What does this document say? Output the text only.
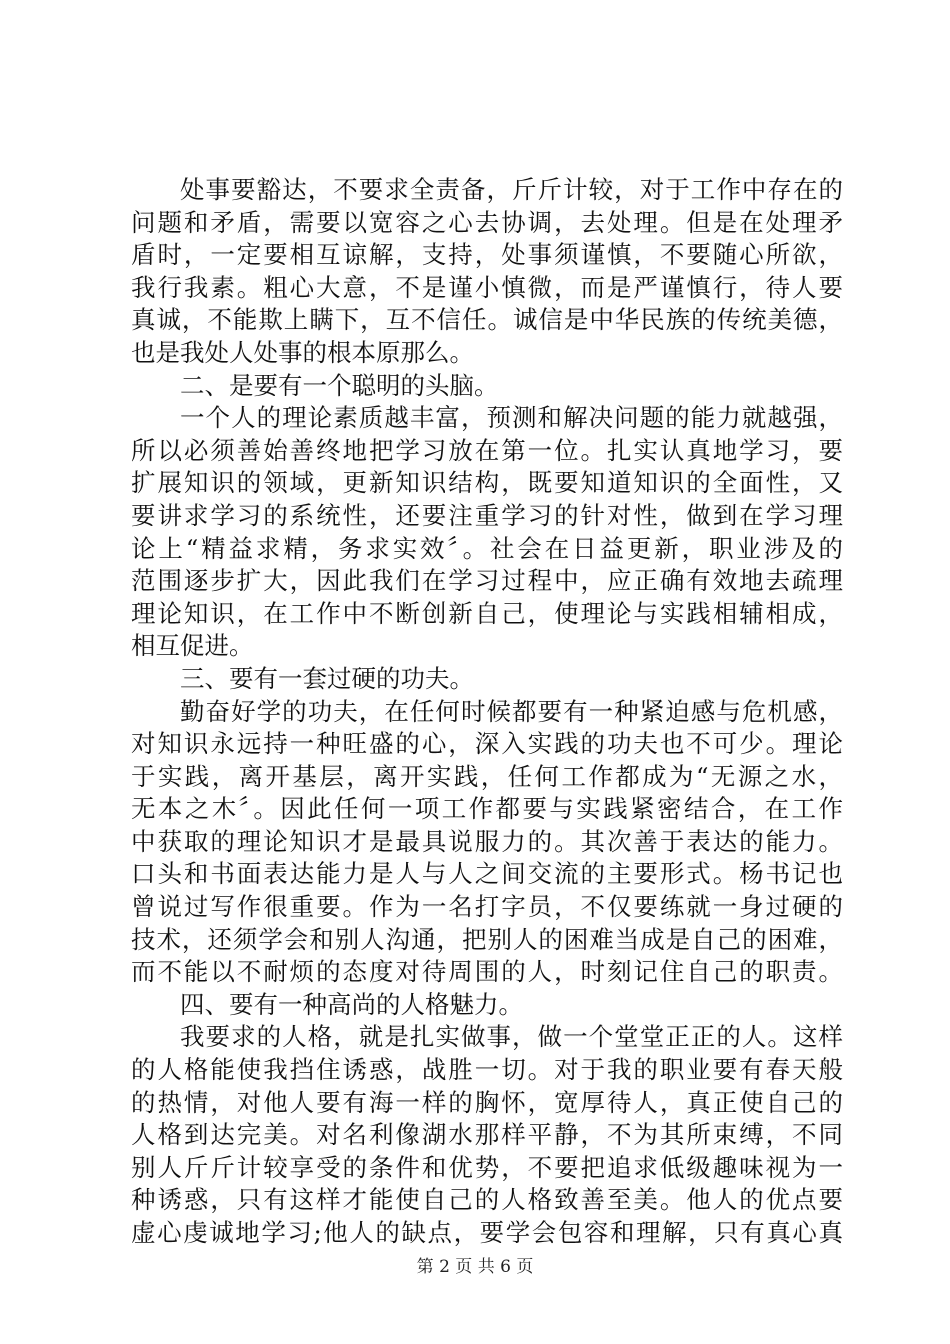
处事要豁达，不要求全责备，斤斤计较，对于工作中存在的
问题和矛盾，需要以宽容之心去协调，去处理。但是在处理矛
盾时，一定要相互谅解，支持，处事须谨慎，不要随心所欲，
我行我素。粗心大意，不是谨小慎微，而是严谨慎行，待人要
真诚，不能欺上瞒下，互不信任。诚信是中华民族的传统美德，
也是我处人处事的根本原那么。
二、是要有一个聪明的头脑。
一个人的理论素质越丰富，预测和解决问题的能力就越强，
所以必须善始善终地把学习放在第一位。扎实认真地学习，要
扩展知识的领域，更新知识结构，既要知道知识的全面性，又
要讲求学习的系统性，还要注重学习的针对性，做到在学习理
论上“精益求精，务求实效〞。社会在日益更新，职业涉及的
范围逐步扩大，因此我们在学习过程中，应正确有效地去疏理
理论知识，在工作中不断创新自己，使理论与实践相辅相成，
相互促进。
三、要有一套过硬的功夫。
勤奋好学的功夫，在任何时候都要有一种紧迫感与危机感，
对知识永远持一种旺盛的心，深入实践的功夫也不可少。理论
于实践，离开基层，离开实践，任何工作都成为“无源之水，
无本之木〞。因此任何一项工作都要与实践紧密结合，在工作
中获取的理论知识才是最具说服力的。其次善于表达的能力。
口头和书面表达能力是人与人之间交流的主要形式。杨书记也
曾说过写作很重要。作为一名打字员，不仅要练就一身过硬的
技术，还须学会和别人沟通，把别人的困难当成是自己的困难，
而不能以不耐烦的态度对待周围的人，时刻记住自己的职责。
四、要有一种高尚的人格魅力。
我要求的人格，就是扎实做事，做一个堂堂正正的人。这样
的人格能使我挡住诱惑，战胜一切。对于我的职业要有春天般
的热情，对他人要有海一样的胸怀，宽厚待人，真正使自己的
人格到达完美。对名利像湖水那样平静，不为其所束缚，不同
别人斤斤计较享受的条件和优势，不要把追求低级趣味视为一
种诱惑，只有这样才能使自己的人格致善至美。他人的优点要
虚心虔诚地学习;他人的缺点，要学会包容和理解，只有真心真
第 2 页 共 6 页
